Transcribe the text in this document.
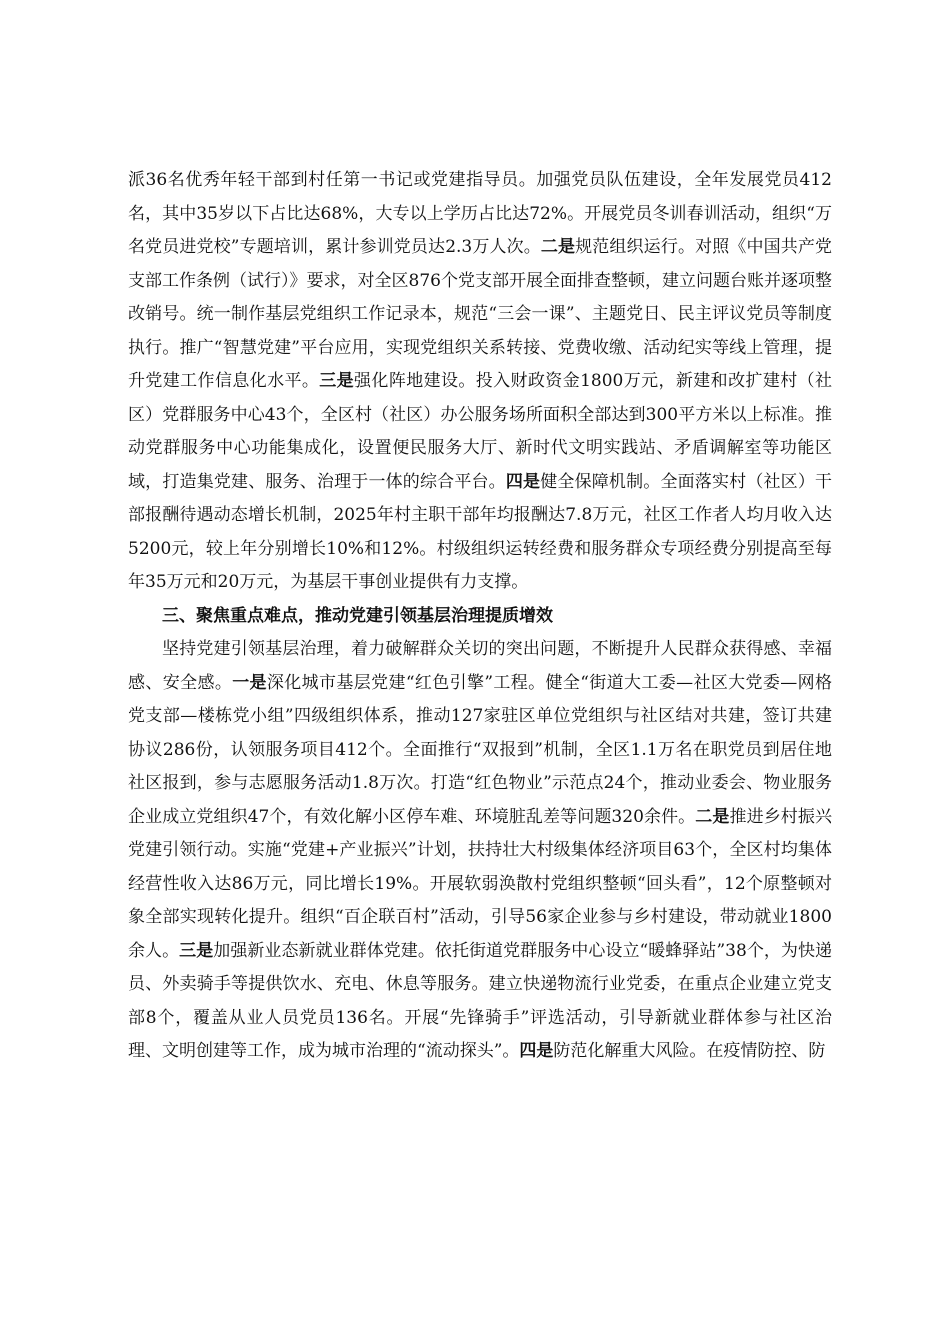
派36名优秀年轻干部到村任第一书记或党建指导员。加强党员队伍建设，全年发展党员412名，其中35岁以下占比达68%，大专以上学历占比达72%。开展党员冬训春训活动，组织“万名党员进党校”专题培训，累计参训党员达2.3万人次。二是规范组织运行。对照《中国共产党支部工作条例（试行）》要求，对全区876个党支部开展全面排查整顿，建立问题台账并逐项整改销号。统一制作基层党组织工作记录本，规范“三会一课”、主题党日、民主评议党员等制度执行。推广“智慧党建”平台应用，实现党组织关系转接、党费收缴、活动纪实等线上管理，提升党建工作信息化水平。三是强化阵地建设。投入财政资金1800万元，新建和改扩建村（社区）党群服务中心43个，全区村（社区）办公服务场所面积全部达到300平方米以上标准。推动党群服务中心功能集成化，设置便民服务大厅、新时代文明实践站、矛盾调解室等功能区域，打造集党建、服务、治理于一体的综合平台。四是健全保障机制。全面落实村（社区）干部报酬待遇动态增长机制，2025年村主职干部年均报酬达7.8万元，社区工作者人均月收入达5200元，较上年分别增长10%和12%。村级组织运转经费和服务群众专项经费分别提高至每年35万元和20万元，为基层干事创业提供有力支撑。

三、聚焦重点难点，推动党建引领基层治理提质增效

坚持党建引领基层治理，着力破解群众关切的突出问题，不断提升人民群众获得感、幸福感、安全感。一是深化城市基层党建“红色引擎”工程。健全“街道大工委—社区大党委—网格党支部—楼栋党小组”四级组织体系，推动127家驻区单位党组织与社区结对共建，签订共建协议286份，认领服务项目412个。全面推行“双报到”机制，全区1.1万名在职党员到居住地社区报到，参与志愿服务活动1.8万次。打造“红色物业”示范点24个，推动业委会、物业服务企业成立党组织47个，有效化解小区停车难、环境脏乱差等问题320余件。二是推进乡村振兴党建引领行动。实施“党建+产业振兴”计划，扶持壮大村级集体经济项目63个，全区村均集体经营性收入达86万元，同比增长19%。开展软弱涣散村党组织整顿“回头看”，12个原整顿对象全部实现转化提升。组织“百企联百村”活动，引导56家企业参与乡村建设，带动就业1800余人。三是加强新业态新就业群体党建。依托街道党群服务中心设立“暖蜂驿站”38个，为快递员、外卖骑手等提供饮水、充电、休息等服务。建立快递物流行业党委，在重点企业建立党支部8个，覆盖从业人员党员136名。开展“先锋骑手”评选活动，引导新就业群体参与社区治理、文明创建等工作，成为城市治理的“流动探头”。四是防范化解重大风险。在疫情防控、防
